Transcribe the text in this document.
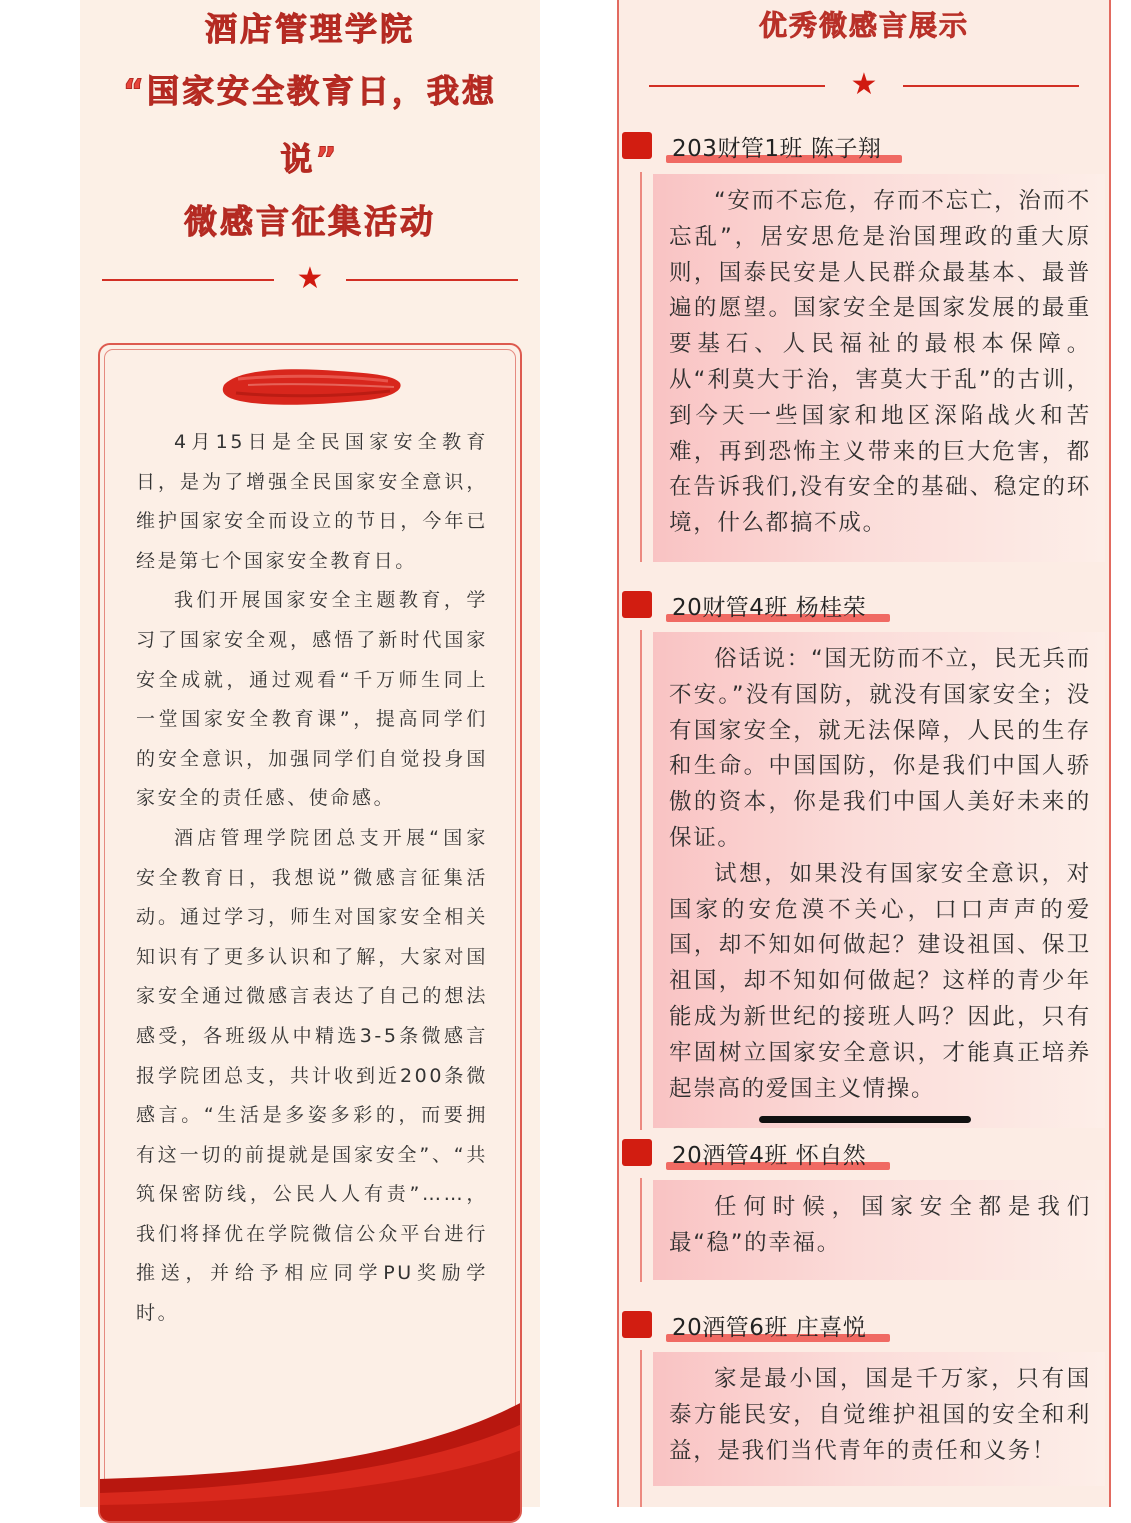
酒店管理学院
“国家安全教育日，我想
说”
微感言征集活动
★

4月15日是全民国家安全教育日，是为了增强全民国家安全意识，维护国家安全而设立的节日，今年已经是第七个国家安全教育日。

我们开展国家安全主题教育，学习了国家安全观，感悟了新时代国家安全成就，通过观看“千万师生同上一堂国家安全教育课”，提高同学们的安全意识，加强同学们自觉投身国家安全的责任感、使命感。

酒店管理学院团总支开展“国家安全教育日，我想说”微感言征集活动。通过学习，师生对国家安全相关知识有了更多认识和了解，大家对国家安全通过微感言表达了自己的想法感受，各班级从中精选3-5条微感言报学院团总支，共计收到近200条微感言。“生活是多姿多彩的，而要拥有这一切的前提就是国家安全”、“共筑保密防线，公民人人有责”……，我们将择优在学院微信公众平台进行推送，并给予相应同学PU奖励学时。

优秀微感言展示
★
203财管1班 陈子翔

“安而不忘危，存而不忘亡，治而不忘乱”，居安思危是治国理政的重大原则，国泰民安是人民群众最基本、最普遍的愿望。国家安全是国家发展的最重要基石、人民福祉的最根本保障。从“利莫大于治，害莫大于乱”的古训，到今天一些国家和地区深陷战火和苦难，再到恐怖主义带来的巨大危害，都在告诉我们,没有安全的基础、稳定的环境，什么都搞不成。

20财管4班 杨桂荣

俗话说：“国无防而不立，民无兵而不安。”没有国防，就没有国家安全；没有国家安全，就无法保障，人民的生存和生命。中国国防，你是我们中国人骄傲的资本，你是我们中国人美好未来的保证。

试想，如果没有国家安全意识，对国家的安危漠不关心，口口声声的爱国，却不知如何做起？建设祖国、保卫祖国，却不知如何做起？这样的青少年能成为新世纪的接班人吗？因此，只有牢固树立国家安全意识，才能真正培养起崇高的爱国主义情操。

20酒管4班 怀自然

任何时候，国家安全都是我们最“稳”的幸福。

20酒管6班 庄喜悦

家是最小国，国是千万家，只有国泰方能民安，自觉维护祖国的安全和利益，是我们当代青年的责任和义务！
